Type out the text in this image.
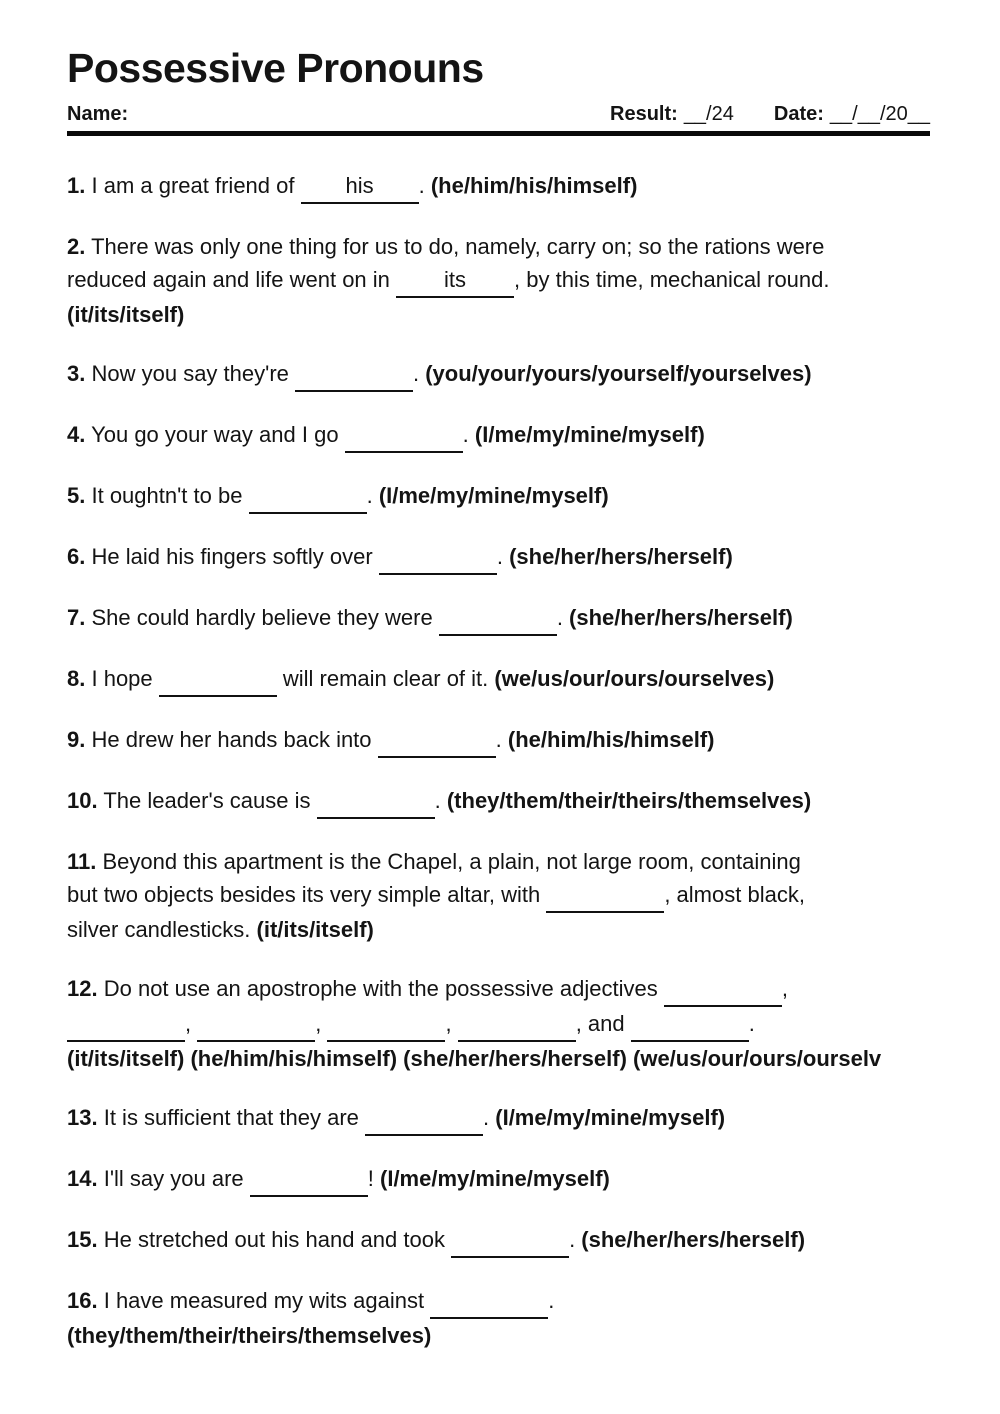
Possessive Pronouns
Name:	Result: __/24 Date: __/__/20__

1. I am a great friend of his . (he/him/his/himself)

2. There was only one thing for us to do, namely, carry on; so the rations were
reduced again and life went on in its , by this time, mechanical round.
(it/its/itself)

3. Now you say they're	. (you/your/yours/yourself/yourselves)

4. You go your way and I go	. (I/me/my/mine/myself)

5. It oughtn't to be	. (I/me/my/mine/myself)

6. He laid his fingers softly over	. (she/her/hers/herself)

7. She could hardly believe they were	. (she/her/hers/herself)

8. I hope	will remain clear of it. (we/us/our/ours/ourselves)

9. He drew her hands back into	. (he/him/his/himself)

10. The leader's cause is	. (they/them/their/theirs/themselves)

11. Beyond this apartment is the Chapel, a plain, not large room, containing
but two objects besides its very simple altar, with	, almost black,
silver candlesticks. (it/its/itself)

12. Do not use an apostrophe with the possessive adjectives	,
,	,	,	, and	.
(it/its/itself) (he/him/his/himself) (she/her/hers/herself) (we/us/our/ours/ourselv

13. It is sufficient that they are	. (I/me/my/mine/myself)

14. I'll say you are	! (I/me/my/mine/myself)

15. He stretched out his hand and took	. (she/her/hers/herself)

16. I have measured my wits against	.
(they/them/their/theirs/themselves)
